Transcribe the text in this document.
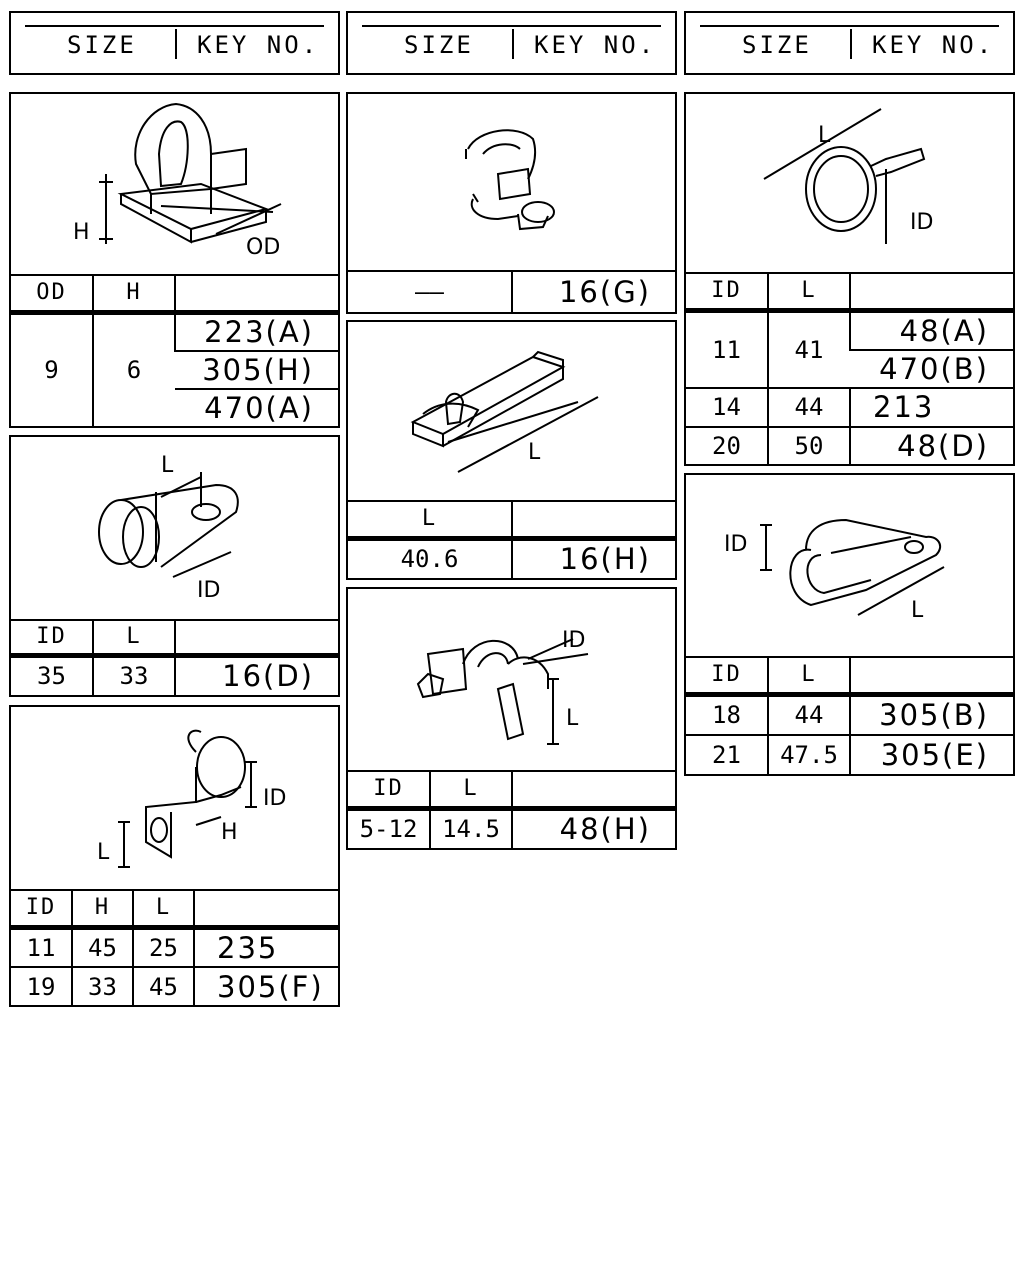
SIZE	KEY NO.	SIZE	KEY NO.	SIZE	KEY NO.
H
OD
OD	H	
9	6	223(A)
		305(H)
		470(A)
L
ID
ID	L	
35	33	16(D)
ID
H
L
ID	H	L	
11	45	25	235
19	33	45	305(F)
——	16(G)
L
L	
40.6	16(H)
ID
L
ID	L	
5-12	14.5	48(H)
L
ID
ID	L	
11	41	48(A)
		470(B)
14	44	213
20	50	48(D)
ID
L
ID	L	
18	44	305(B)
21	47.5	305(E)
